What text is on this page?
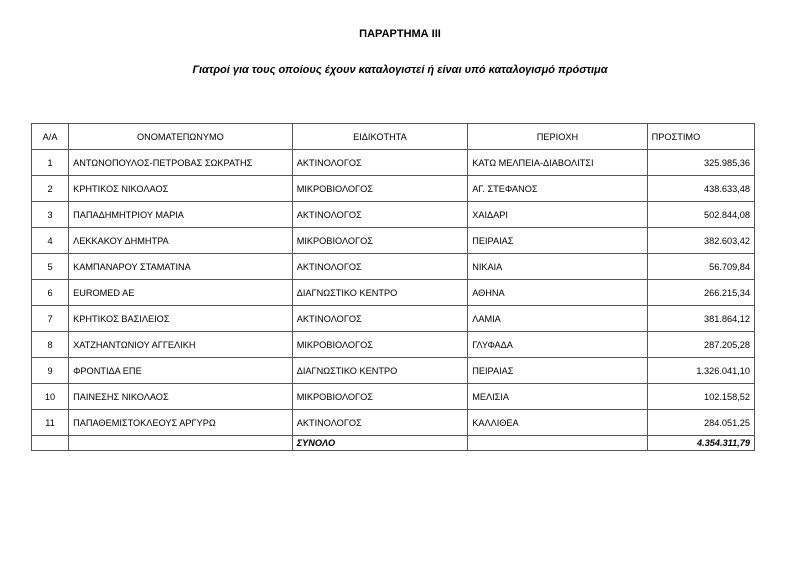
ΠΑΡΑΡΤΗΜΑ ΙΙΙ
Γιατροί για τους οποίους έχουν καταλογιστεί ή είναι υπό καταλογισμό πρόστιμα
Α/Α	ΟΝΟΜΑΤΕΠΩΝΥΜΟ	ΕΙΔΙΚΟΤΗΤΑ	ΠΕΡΙΟΧΗ	ΠΡΟΣΤΙΜΟ
1	ΑΝΤΩΝΟΠΟΥΛΟΣ-ΠΕΤΡΟΒΑΣ ΣΩΚΡΑΤΗΣ	ΑΚΤΙΝΟΛΟΓΟΣ	ΚΑΤΩ ΜΕΛΠΕΙΑ-ΔΙΑΒΟΛΙΤΣΙ	325.985,36
2	ΚΡΗΤΙΚΟΣ ΝΙΚΟΛΑΟΣ	ΜΙΚΡΟΒΙΟΛΟΓΟΣ	ΑΓ. ΣΤΕΦΑΝΟΣ	438.633,48
3	ΠΑΠΑΔΗΜΗΤΡΙΟΥ ΜΑΡΙΑ	ΑΚΤΙΝΟΛΟΓΟΣ	ΧΑΙΔΑΡΙ	502.844,08
4	ΛΕΚΚΑΚΟΥ ΔΗΜΗΤΡΑ	ΜΙΚΡΟΒΙΟΛΟΓΟΣ	ΠΕΙΡΑΙΑΣ	382.603,42
5	ΚΑΜΠΑΝΑΡΟΥ ΣΤΑΜΑΤΙΝΑ	ΑΚΤΙΝΟΛΟΓΟΣ	ΝΙΚΑΙΑ	56.709,84
6	EUROMED AE	ΔΙΑΓΝΩΣΤΙΚΟ ΚΕΝΤΡΟ	ΑΘΗΝΑ	266.215,34
7	ΚΡΗΤΙΚΟΣ ΒΑΣΙΛΕΙΟΣ	ΑΚΤΙΝΟΛΟΓΟΣ	ΛΑΜΙΑ	381.864,12
8	ΧΑΤΖΗΑΝΤΩΝΙΟΥ ΑΓΓΕΛΙΚΗ	ΜΙΚΡΟΒΙΟΛΟΓΟΣ	ΓΛΥΦΑΔΑ	287.205,28
9	ΦΡΟΝΤΙΔΑ ΕΠΕ	ΔΙΑΓΝΩΣΤΙΚΟ ΚΕΝΤΡΟ	ΠΕΙΡΑΙΑΣ	1.326.041,10
10	ΠΑΙΝΕΣΗΣ ΝΙΚΟΛΑΟΣ	ΜΙΚΡΟΒΙΟΛΟΓΟΣ	ΜΕΛΙΣΙΑ	102.158,52
11	ΠΑΠΑΘΕΜΙΣΤΟΚΛΕΟΥΣ ΑΡΓΥΡΩ	ΑΚΤΙΝΟΛΟΓΟΣ	ΚΑΛΛΙΘΕΑ	284.051,25
		ΣΥΝΟΛΟ		4.354.311,79
